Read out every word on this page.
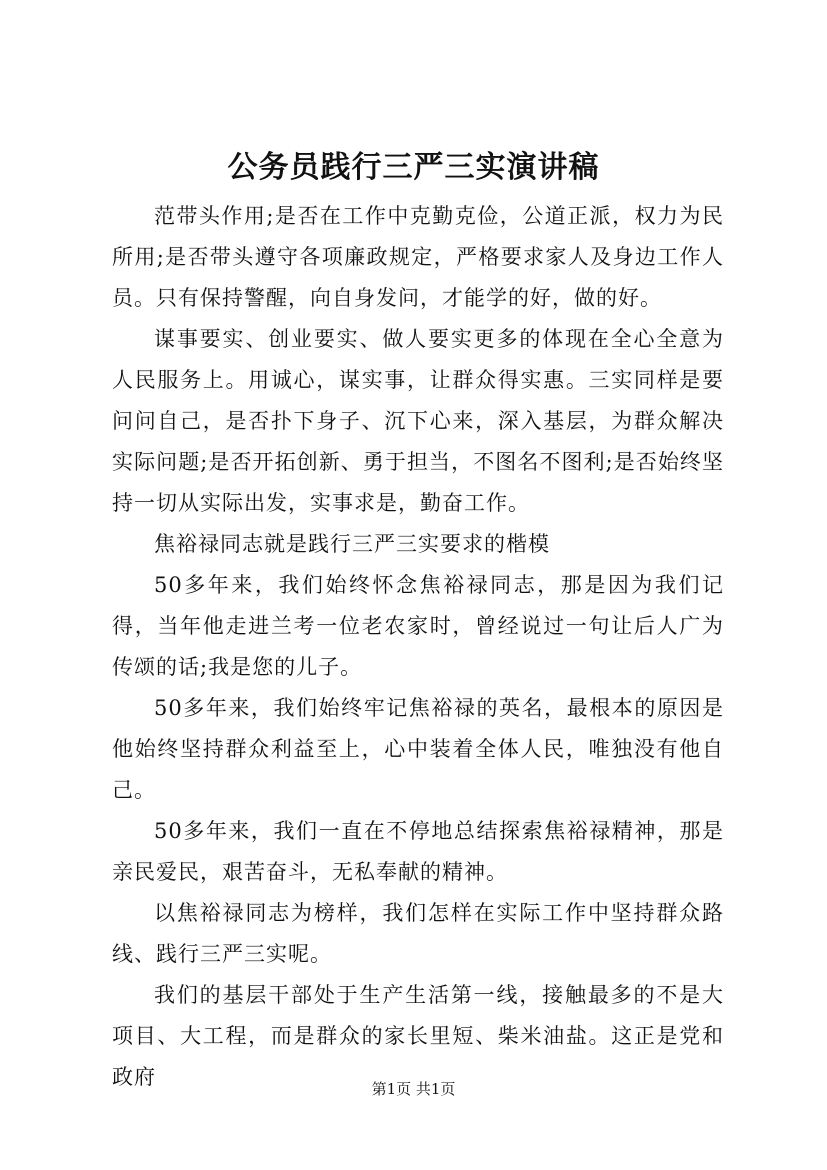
公务员践行三严三实演讲稿

范带头作用;是否在工作中克勤克俭，公道正派，权力为民所用;是否带头遵守各项廉政规定，严格要求家人及身边工作人员。只有保持警醒，向自身发问，才能学的好，做的好。

谋事要实、创业要实、做人要实更多的体现在全心全意为人民服务上。用诚心，谋实事，让群众得实惠。三实同样是要问问自己，是否扑下身子、沉下心来，深入基层，为群众解决实际问题;是否开拓创新、勇于担当，不图名不图利;是否始终坚持一切从实际出发，实事求是，勤奋工作。

焦裕禄同志就是践行三严三实要求的楷模

50多年来，我们始终怀念焦裕禄同志，那是因为我们记得，当年他走进兰考一位老农家时，曾经说过一句让后人广为传颂的话;我是您的儿子。

50多年来，我们始终牢记焦裕禄的英名，最根本的原因是他始终坚持群众利益至上，心中装着全体人民，唯独没有他自己。

50多年来，我们一直在不停地总结探索焦裕禄精神，那是亲民爱民，艰苦奋斗，无私奉献的精神。

以焦裕禄同志为榜样，我们怎样在实际工作中坚持群众路线、践行三严三实呢。

我们的基层干部处于生产生活第一线，接触最多的不是大项目、大工程，而是群众的家长里短、柴米油盐。这正是党和政府	第1页 共1页
